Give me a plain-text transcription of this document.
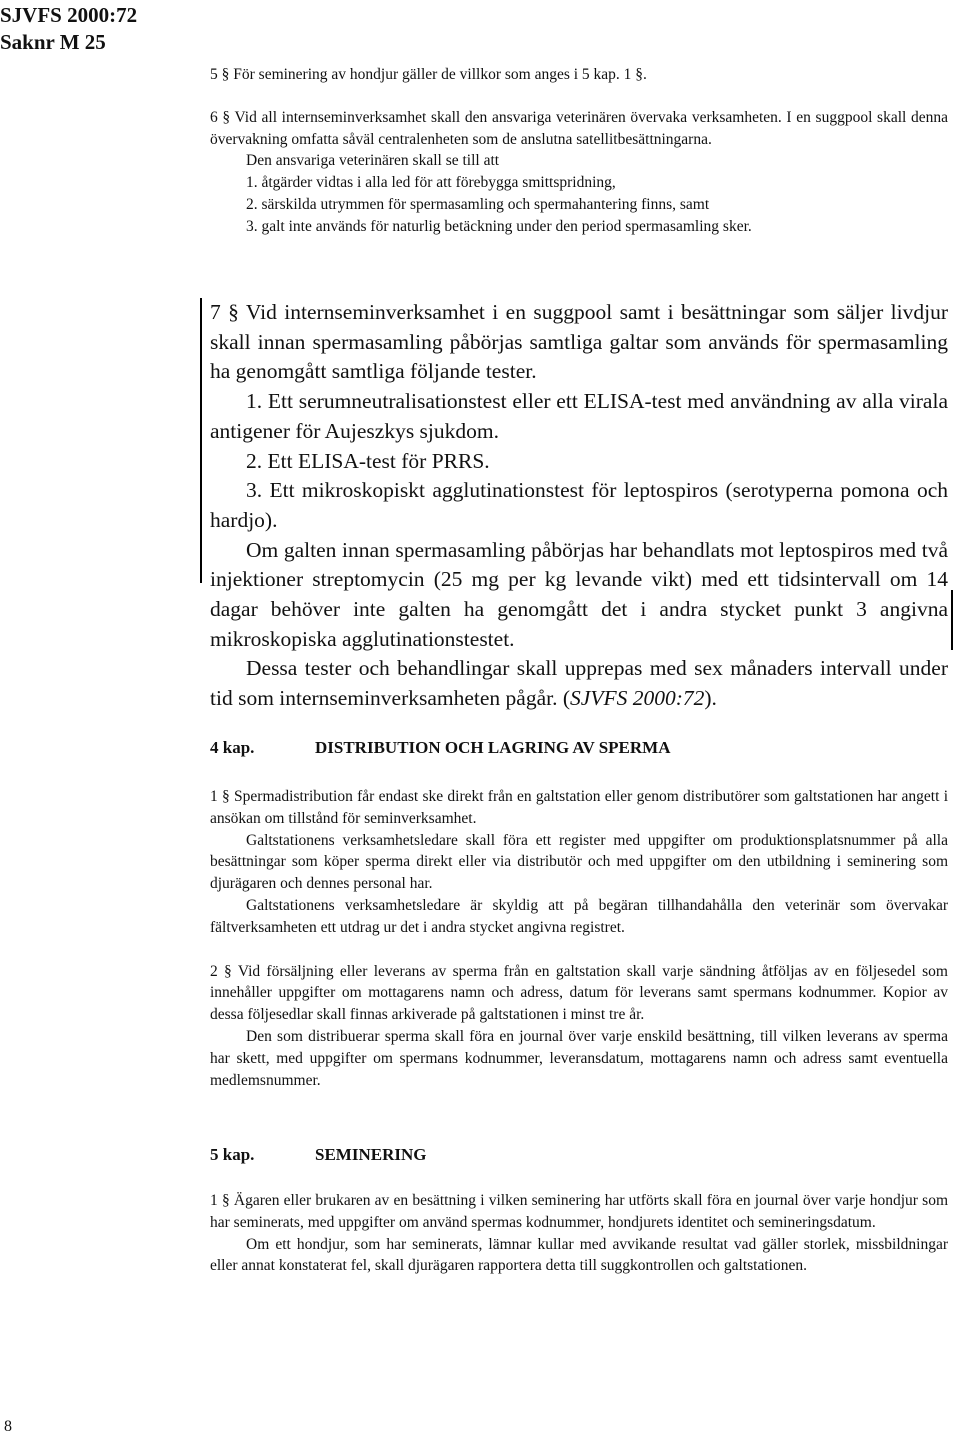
SJVFS 2000:72
Saknr M 25

5 § För seminering av hondjur gäller de villkor som anges i 5 kap. 1 §.

6 § Vid all internseminverksamhet skall den ansvariga veterinären övervaka verksamheten. I en suggpool skall denna övervakning omfatta såväl centralenheten som de anslutna satellitbesättningarna.

Den ansvariga veterinären skall se till att

1. åtgärder vidtas i alla led för att förebygga smittspridning,

2. särskilda utrymmen för spermasamling och spermahantering finns, samt

3. galt inte används för naturlig betäckning under den period spermasamling sker.

7 § Vid internseminverksamhet i en suggpool samt i besättningar som säljer livdjur skall innan spermasamling påbörjas samtliga galtar som används för spermasamling ha genomgått samtliga följande tester.

1. Ett serumneutralisationstest eller ett ELISA-test med användning av alla virala antigener för Aujeszkys sjukdom.

2. Ett ELISA-test för PRRS.

3. Ett mikroskopiskt agglutinationstest för leptospiros (serotyperna pomona och hardjo).

Om galten innan spermasamling påbörjas har behandlats mot leptospiros med två injektioner streptomycin (25 mg per kg levande vikt) med ett tidsintervall om 14 dagar behöver inte galten ha genomgått det i andra stycket punkt 3 angivna mikroskopiska agglutinationstestet.

Dessa tester och behandlingar skall upprepas med sex månaders intervall under tid som internseminverksamheten pågår. (SJVFS 2000:72).

4 kap.	DISTRIBUTION OCH LAGRING AV SPERMA

1 § Spermadistribution får endast ske direkt från en galtstation eller genom distributörer som galtstationen har angett i ansökan om tillstånd för seminverksamhet.

Galtstationens verksamhetsledare skall föra ett register med uppgifter om produktionsplatsnummer på alla besättningar som köper sperma direkt eller via distributör och med uppgifter om den utbildning i seminering som djurägaren och dennes personal har.

Galtstationens verksamhetsledare är skyldig att på begäran tillhandahålla den veterinär som övervakar fältverksamheten ett utdrag ur det i andra stycket angivna registret.

2 § Vid försäljning eller leverans av sperma från en galtstation skall varje sändning åtföljas av en följesedel som innehåller uppgifter om mottagarens namn och adress, datum för leverans samt spermans kodnummer. Kopior av dessa följesedlar skall finnas arkiverade på galtstationen i minst tre år.

Den som distribuerar sperma skall föra en journal över varje enskild besättning, till vilken leverans av sperma har skett, med uppgifter om spermans kodnummer, leveransdatum, mottagarens namn och adress samt eventuella medlemsnummer.

5 kap.	SEMINERING

1 § Ägaren eller brukaren av en besättning i vilken seminering har utförts skall föra en journal över varje hondjur som har seminerats, med uppgifter om använd spermas kodnummer, hondjurets identitet och semineringsdatum.

Om ett hondjur, som har seminerats, lämnar kullar med avvikande resultat vad gäller storlek, missbildningar eller annat konstaterat fel, skall djurägaren rapportera detta till suggkontrollen och galtstationen.

8
